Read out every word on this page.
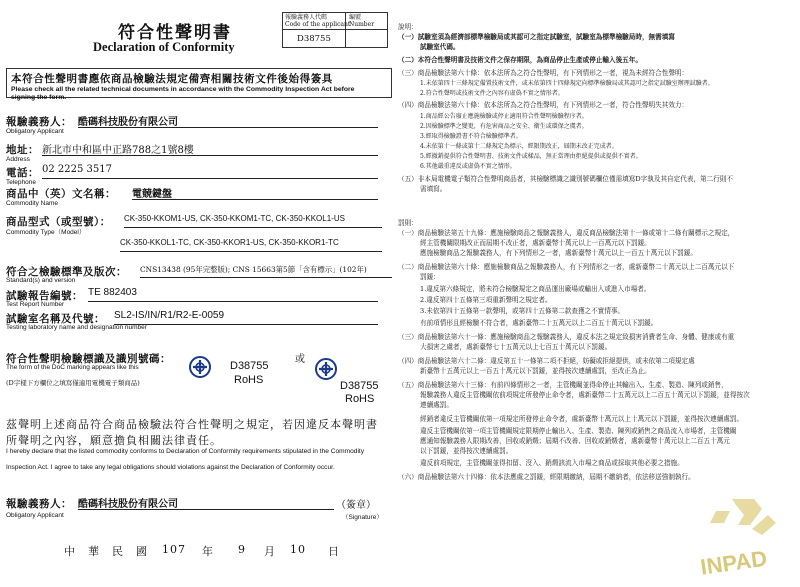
符合性聲明書
Declaration of Conformity
報驗義務人代碼
Code of the applicant
編號
Number
D38755
本符合性聲明書應依商品檢驗法規定備齊相關技術文件後始得簽具
Please check all the related technical documents in accordance with the Commodity Inspection Act before
signing the form.
報驗義務人： 酷碼科技股份有限公司
Obligatory Applicant
地址： 新北市中和區中正路788之1號8樓
Address
電話： 02 2225 3517
Telephone
商品中（英）文名稱： 電競鍵盤
Commodity Name
商品型式（或型號）： CK-350-KKOM1-US, CK-350-KKOM1-TC, CK-350-KKOL1-US
Commodity Type（Model）
CK-350-KKOL1-TC, CK-350-KKOR1-US, CK-350-KKOR1-TC
符合之檢驗標準及版次： CNS13438 (95年完整版); CNS 15663第5節「含有標示」(102年)
Standard(s) and version
試驗報告編號： TE 882403
Test Report Number
試驗室名稱及代號： SL2-IS/IN/R1/R2-E-0059
Testing laboratory name and designation number
符合性聲明檢驗標識及識別號碼：
The form of the DoC marking appears like this
(D字樣下方欄位之填寫僅適用電機電子類商品)
D38755
RoHS
或
D38755
RoHS
茲聲明上述商品符合商品檢驗法符合性聲明之規定，若因違反本聲明書
所聲明之內容，願意擔負相關法律責任。
I hereby declare that the listed commodity conforms to Declaration of Conformity requirements stipulated in the Commodity
Inspection Act. I agree to take any legal obligations should violations against the Declaration of Conformity occur.
報驗義務人： 酷碼科技股份有限公司	（簽章）
Obligatory Applicant	（Signature）
中　華　民　國 107 年 9 月 10 日
說明：
（一）試驗室須為經濟部標準檢驗局或其認可之指定試驗室，試驗室為標準檢驗局時，無需填寫
試驗室代碼。
（二）本符合性聲明書及技術文件之保存期限，為商品停止生產或停止輸入後五年。
（三）商品檢驗法第六十條：依本法所為之符合性聲明，有下列情形之一者，視為未經符合性聲明：
1.未依第四十三條規定備置技術文件，或未依第四十四條規定向標準檢驗局或其認可之指定試驗室辦理試驗者。
2.符合性聲明或技術文件之內容有虛偽不實之情形者。
（四）商品檢驗法第六十條：依本法所為之符合性聲明，有下列情形之一者，符合性聲明失其效力：
1.商品經公告廢止應施檢驗或停止適用符合性聲明檢驗程序者。
2.因檢驗標準之變更，有危害商品之安全、衛生或環保之虞者。
3.經取得檢驗證書不符合檢驗標準者。
4.未依第十一條或第十二條規定為標示，經限期改正，屆期未改正完成者。
5.經撤銷提供符合性聲明書、技術文件或樣品，無正當理由拒絕提供或提供不實者。
6.其他嚴重違反或虛偽不實之情形。
（五）非本局電機電子類符合性聲明商品者，其檢驗標識之識別號碼欄位僅需填寫D字執及其自定代表，第二行則不
需填寫。
罰則：
（一）商品檢驗法第五十九條：應施檢驗商品之報驗義務人，違反商品檢驗法第十一條或第十二條有關標示之規定，
經主管機關限期改正而屆期不改正者，處新臺幣十萬元以上一百萬元以下罰鍰。
應施檢驗商品之報驗義務人，有下列情形之一者，處新臺幣十萬元以上一百五十萬元以下罰鍰。
（二）商品檢驗法第六十條：應施檢驗商品之報驗義務人，有下列情形之一者，處新臺幣二十萬元以上二百萬元以下
罰鍰：
1.違反第六條規定，將未符合檢驗規定之商品運出廠場或輸出入或進入市場者。
2.違反第四十五條第三項重新聲明之規定者。
3.未依第四十五條第一款聲明，或第四十五條第二款查獲之不實情事。
有前項情形且經檢驗不符合者，處新臺幣二十五萬元以上二百五十萬元以下罰鍰。
（三）商品檢驗法第六十一條：應施檢驗商品之報驗義務人，違反本法之規定致損害消費者生命、身體、健康或有重
大損害之虞者，處新臺幣七十五萬元以上七百五十萬元以下罰鍰。
（四）商品檢驗法第六十二條：違反第五十一條第二項不拒絕，妨礙或拒絕提供，或未依第二項規定處
新臺幣十五萬元以上一百五十萬元以下罰鍰，並得按次連續處罰，至改正為止。
（五）商品檢驗法第六十三條：有前四條情形之一者，主管機關並得命停止其輸出入、生產、製造、陳列或銷售，
報驗義務人違反主管機關依前項規定所發停止命令者，處新臺幣二十五萬元以上二百五十萬元以下罰鍰，並得按次
連續處罰。
經銷者違反主管機關依第一項規定所發停止命令者，處新臺幣十萬元以上十萬元以下罰鍰，並得按次連續處罰。
違反主管機關依第一項主管機關規定限期停止輸出入、生產、製造、陳列或銷售之商品流入市場者，主管機關
應通知報驗義務人限期改善，回收或銷燬；屆期不改善、回收或銷燬者，處新臺幣十萬元以上二百五十萬元
以下罰鍰，並得按次連續處罰。
違反前項規定，主管機關並得扣留、沒入、銷燬該流入市場之商品或採取其他必要之措施。
（六）商品檢驗法第六十四條：依本法應處之罰鍰，經限期繳納，屆期不繳納者，依法移送強制執行。
INPAD
